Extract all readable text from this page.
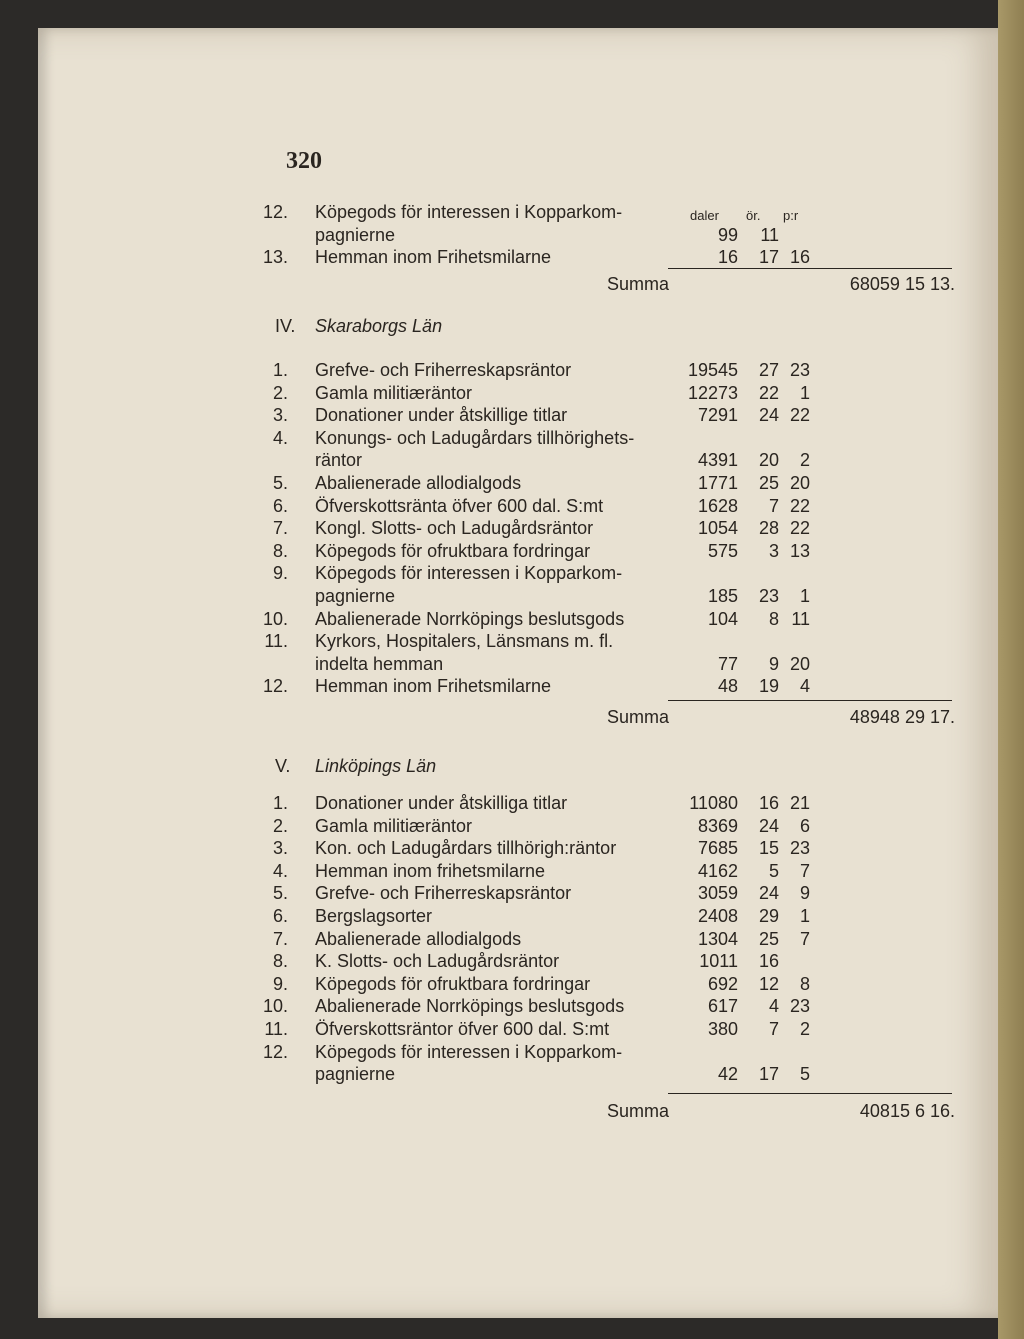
320
daler ör. p:r
12. Köpegods för interessen i Kopparkom-
pagnierne	99	11
13. Hemman inom Frihetsmilarne	16	17 16
Summa	68059 15 13.
IV. Skaraborgs Län
1. Grefve- och Friherreskapsräntor	19545	27 23
2. Gamla militiæräntor	12273	22	1
3. Donationer under åtskillige titlar	7291	24 22
4. Konungs- och Ladugårdars tillhörighets-
räntor	4391	20	2
5. Abalienerade allodialgods	1771	25 20
6. Öfverskottsränta öfver 600 dal. S:mt	1628	7 22
7. Kongl. Slotts- och Ladugårdsräntor	1054	28 22
8. Köpegods för ofruktbara fordringar	575	3 13
9. Köpegods för interessen i Kopparkom-
pagnierne	185	23	1
10. Abalienerade Norrköpings beslutsgods	104	8 11
11. Kyrkors, Hospitalers, Länsmans m. fl.
indelta hemman	77	9 20
12. Hemman inom Frihetsmilarne	48	19	4
Summa	48948 29 17.
V. Linköpings Län
1. Donationer under åtskilliga titlar	11080	16 21
2. Gamla militiæräntor	8369	24	6
3. Kon. och Ladugårdars tillhörigh:räntor	7685	15 23
4. Hemman inom frihetsmilarne	4162	5	7
5. Grefve- och Friherreskapsräntor	3059	24	9
6. Bergslagsorter	2408	29	1
7. Abalienerade allodialgods	1304	25	7
8. K. Slotts- och Ladugårdsräntor	1011	16
9. Köpegods för ofruktbara fordringar	692	12	8
10. Abalienerade Norrköpings beslutsgods	617	4 23
11. Öfverskottsräntor öfver 600 dal. S:mt	380	7	2
12. Köpegods för interessen i Kopparkom-
pagnierne	42	17	5
Summa	40815 6 16.
